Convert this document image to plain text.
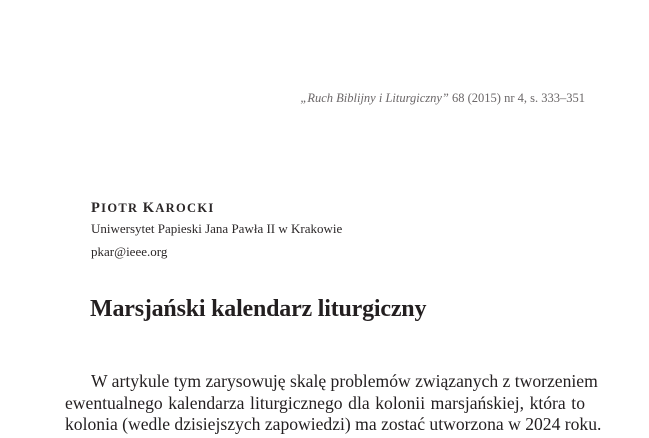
„Ruch Biblijny i Liturgiczny” 68 (2015) nr 4, s. 333–351
PIOTR KAROCKI
Uniwersytet Papieski Jana Pawła II w Krakowie
pkar@ieee.org
Marsjański kalendarz liturgiczny
W artykule tym zarysowuję skalę problemów związanych z tworzeniem
ewentualnego kalendarza liturgicznego dla kolonii marsjańskiej, która to
kolonia (wedle dzisiejszych zapowiedzi) ma zostać utworzona w 2024 roku.
